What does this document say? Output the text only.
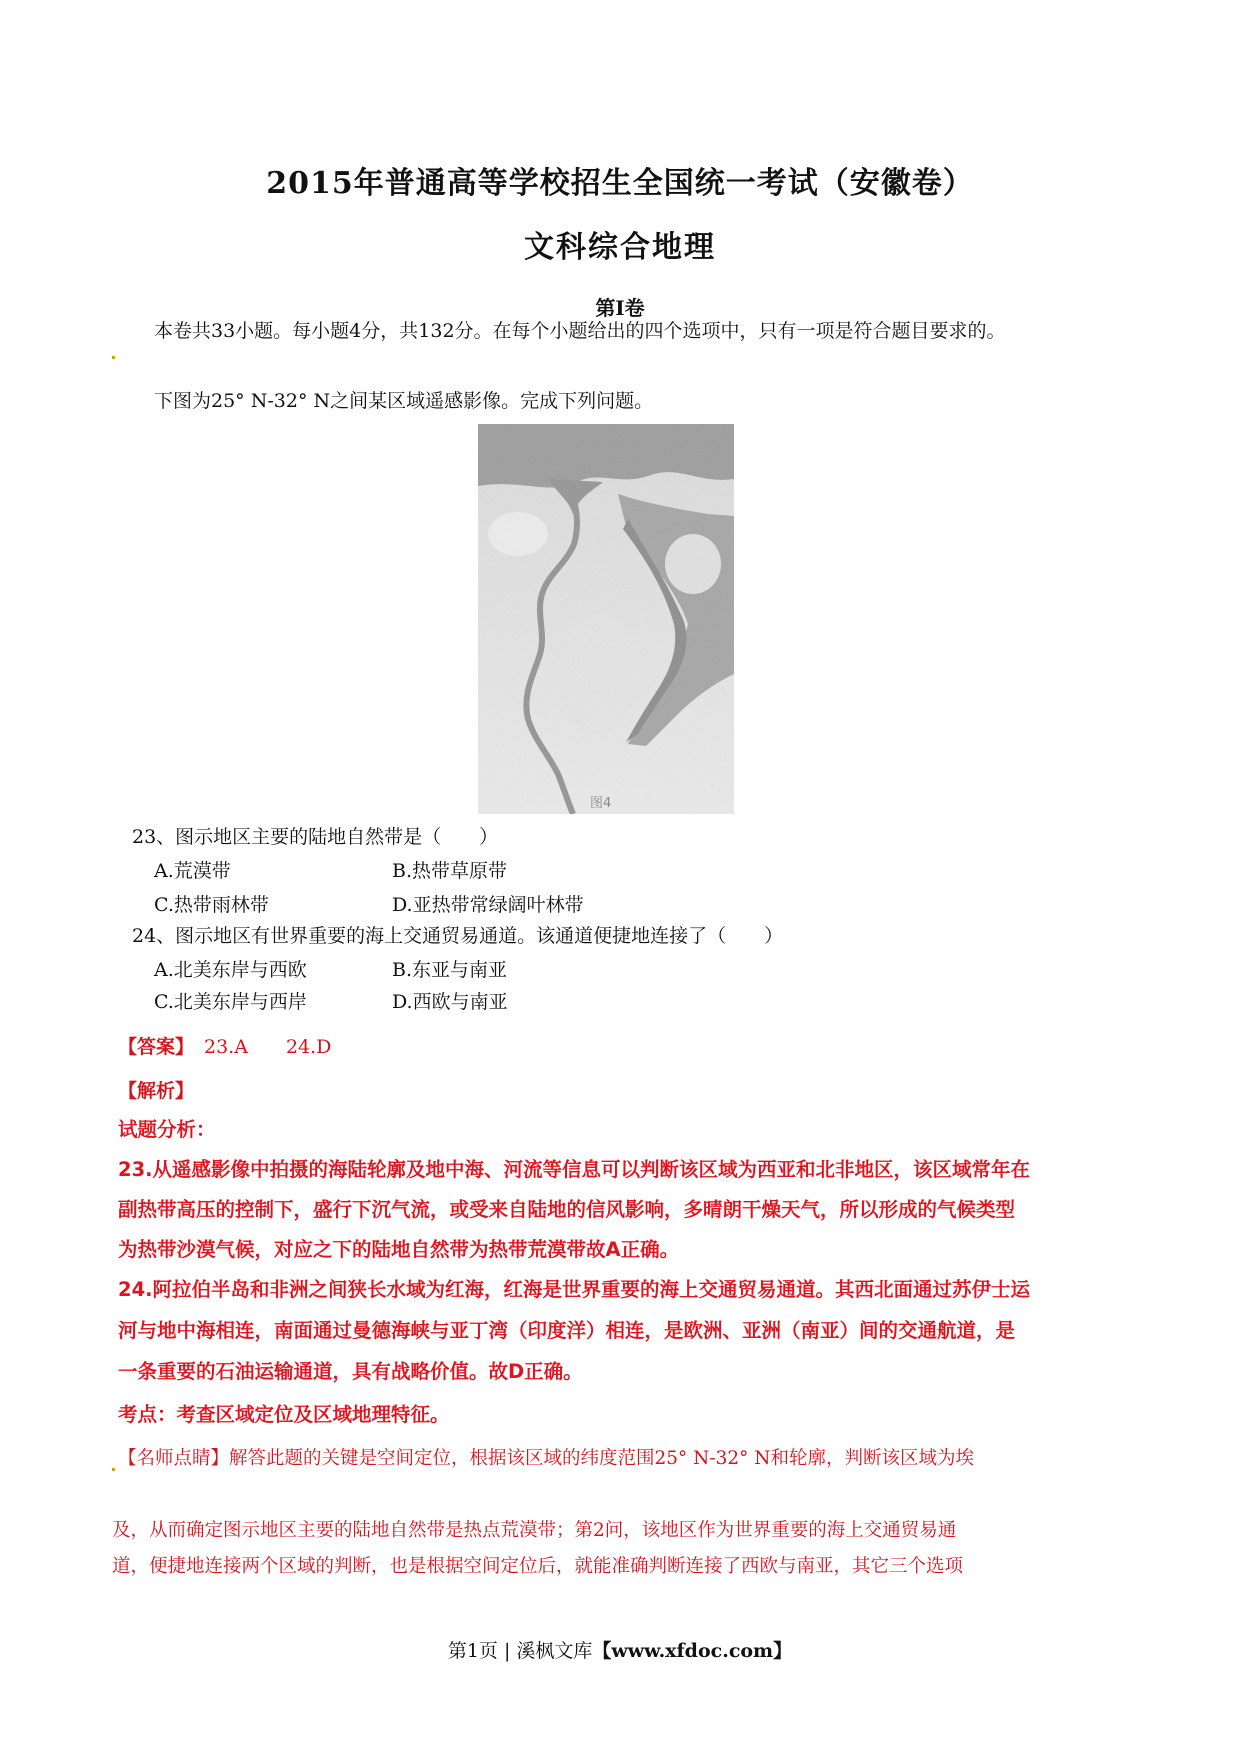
2015年普通高等学校招生全国统一考试（安徽卷）
文科综合地理
第Ⅰ卷
本卷共33小题。每小题4分，共132分。在每个小题给出的四个选项中，只有一项是符合题目要求的。
下图为25° N-32° N之间某区域遥感影像。完成下列问题。
图4
23、图示地区主要的陆地自然带是（　　）
A.荒漠带	B.热带草原带
C.热带雨林带	D.亚热带常绿阔叶林带
24、图示地区有世界重要的海上交通贸易通道。该通道便捷地连接了（　　）
A.北美东岸与西欧	B.东亚与南亚
C.北美东岸与西岸	D.西欧与南亚
【答案】 23.A　　24.D
【解析】
试题分析：
23.从遥感影像中拍摄的海陆轮廓及地中海、河流等信息可以判断该区域为西亚和北非地区，该区域常年在
副热带高压的控制下，盛行下沉气流，或受来自陆地的信风影响，多晴朗干燥天气，所以形成的气候类型
为热带沙漠气候，对应之下的陆地自然带为热带荒漠带故A正确。
24.阿拉伯半岛和非洲之间狭长水域为红海，红海是世界重要的海上交通贸易通道。其西北面通过苏伊士运
河与地中海相连，南面通过曼德海峡与亚丁湾（印度洋）相连，是欧洲、亚洲（南亚）间的交通航道，是
一条重要的石油运输通道，具有战略价值。故D正确。
考点：考查区域定位及区域地理特征。
【名师点睛】解答此题的关键是空间定位，根据该区域的纬度范围25° N-32° N和轮廓，判断该区域为埃
及，从而确定图示地区主要的陆地自然带是热点荒漠带；第2问，该地区作为世界重要的海上交通贸易通
道，便捷地连接两个区域的判断，也是根据空间定位后，就能准确判断连接了西欧与南亚，其它三个选项
第1页 | 溪枫文库【www.xfdoc.com】
